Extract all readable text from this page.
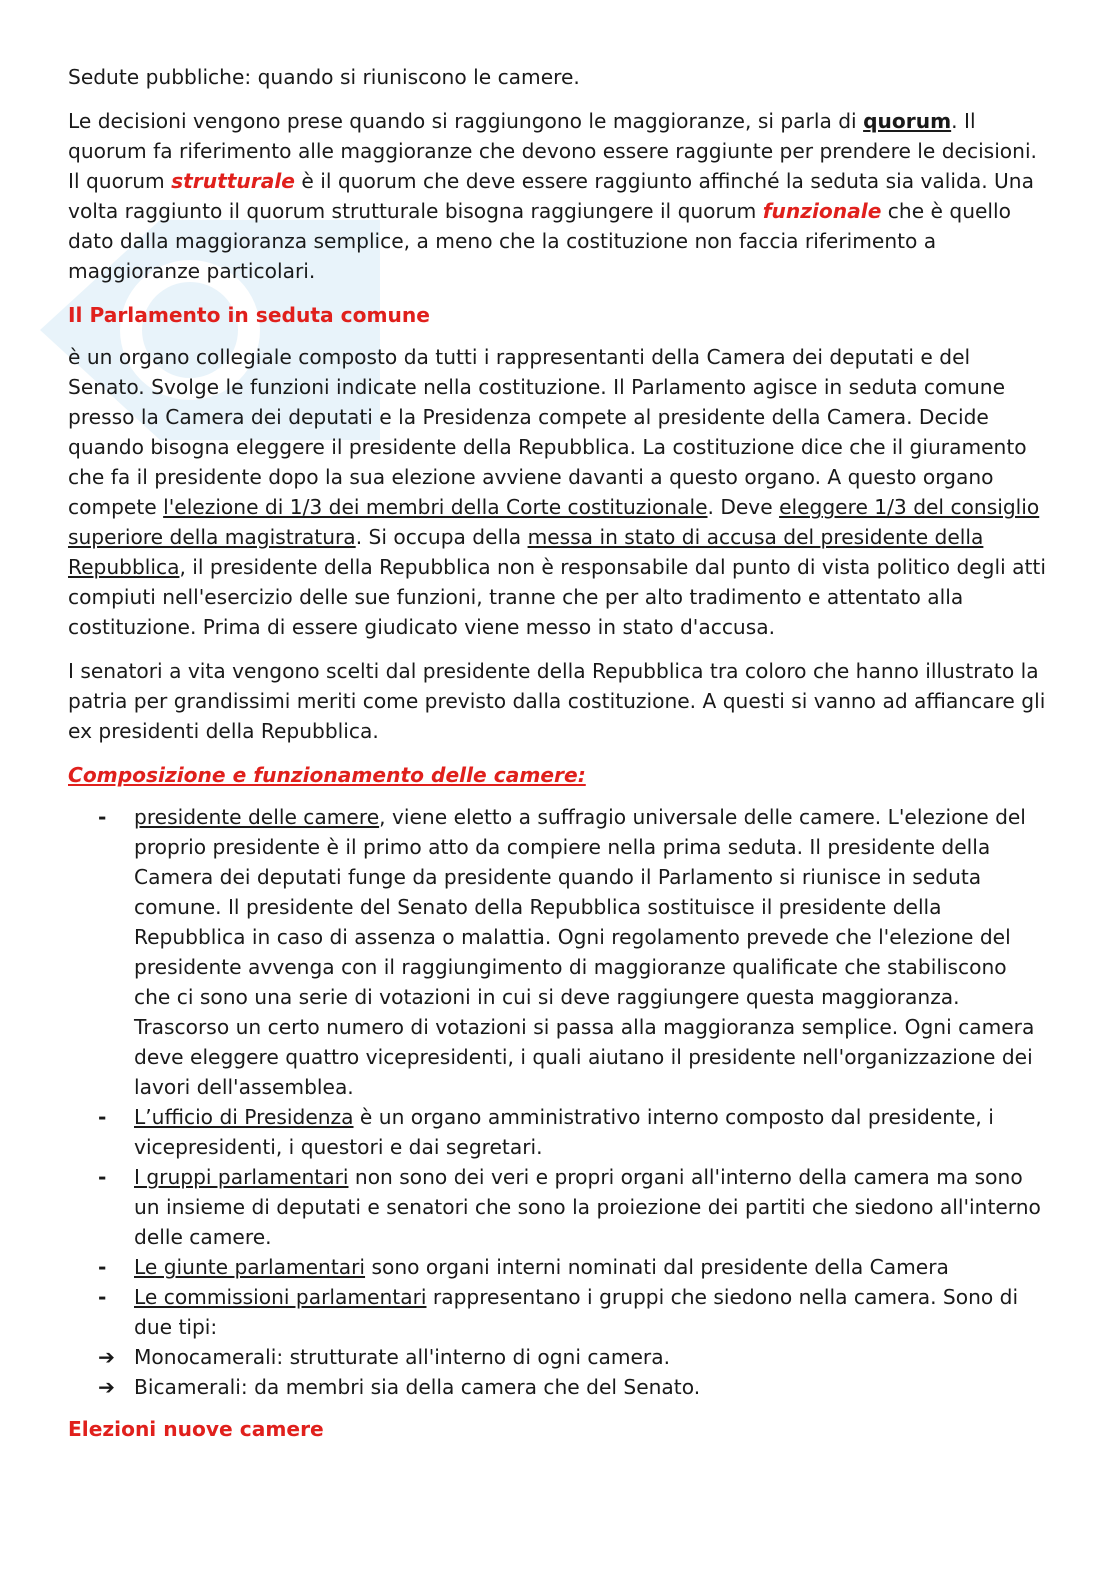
Sedute pubbliche: quando si riuniscono le camere.

Le decisioni vengono prese quando si raggiungono le maggioranze, si parla di quorum. Il quorum fa riferimento alle maggioranze che devono essere raggiunte per prendere le decisioni. Il quorum strutturale è il quorum che deve essere raggiunto affinché la seduta sia valida. Una volta raggiunto il quorum strutturale bisogna raggiungere il quorum funzionale che è quello dato dalla maggioranza semplice, a meno che la costituzione non faccia riferimento a maggioranze particolari.

Il Parlamento in seduta comune

è un organo collegiale composto da tutti i rappresentanti della Camera dei deputati e del Senato. Svolge le funzioni indicate nella costituzione. Il Parlamento agisce in seduta comune presso la Camera dei deputati e la Presidenza compete al presidente della Camera. Decide quando bisogna eleggere il presidente della Repubblica. La costituzione dice che il giuramento che fa il presidente dopo la sua elezione avviene davanti a questo organo. A questo organo compete l'elezione di 1/3 dei membri della Corte costituzionale. Deve eleggere 1/3 del consiglio superiore della magistratura. Si occupa della messa in stato di accusa del presidente della Repubblica, il presidente della Repubblica non è responsabile dal punto di vista politico degli atti compiuti nell'esercizio delle sue funzioni, tranne che per alto tradimento e attentato alla costituzione. Prima di essere giudicato viene messo in stato d'accusa.

I senatori a vita vengono scelti dal presidente della Repubblica tra coloro che hanno illustrato la patria per grandissimi meriti come previsto dalla costituzione. A questi si vanno ad affiancare gli ex presidenti della Repubblica.

Composizione e funzionamento delle camere:
-	presidente delle camere, viene eletto a suffragio universale delle camere. L'elezione del proprio presidente è il primo atto da compiere nella prima seduta. Il presidente della Camera dei deputati funge da presidente quando il Parlamento si riunisce in seduta comune. Il presidente del Senato della Repubblica sostituisce il presidente della Repubblica in caso di assenza o malattia. Ogni regolamento prevede che l'elezione del presidente avvenga con il raggiungimento di maggioranze qualificate che stabiliscono che ci sono una serie di votazioni in cui si deve raggiungere questa maggioranza.
Trascorso un certo numero di votazioni si passa alla maggioranza semplice. Ogni camera deve eleggere quattro vicepresidenti, i quali aiutano il presidente nell'organizzazione dei lavori dell'assemblea.
-	L’ufficio di Presidenza è un organo amministrativo interno composto dal presidente, i vicepresidenti, i questori e dai segretari.
-	I gruppi parlamentari non sono dei veri e propri organi all'interno della camera ma sono un insieme di deputati e senatori che sono la proiezione dei partiti che siedono all'interno delle camere.
-	Le giunte parlamentari sono organi interni nominati dal presidente della Camera
-	Le commissioni parlamentari rappresentano i gruppi che siedono nella camera. Sono di due tipi:
➔ Monocamerali: strutturate all'interno di ogni camera.
➔ Bicamerali: da membri sia della camera che del Senato.
Elezioni nuove camere
